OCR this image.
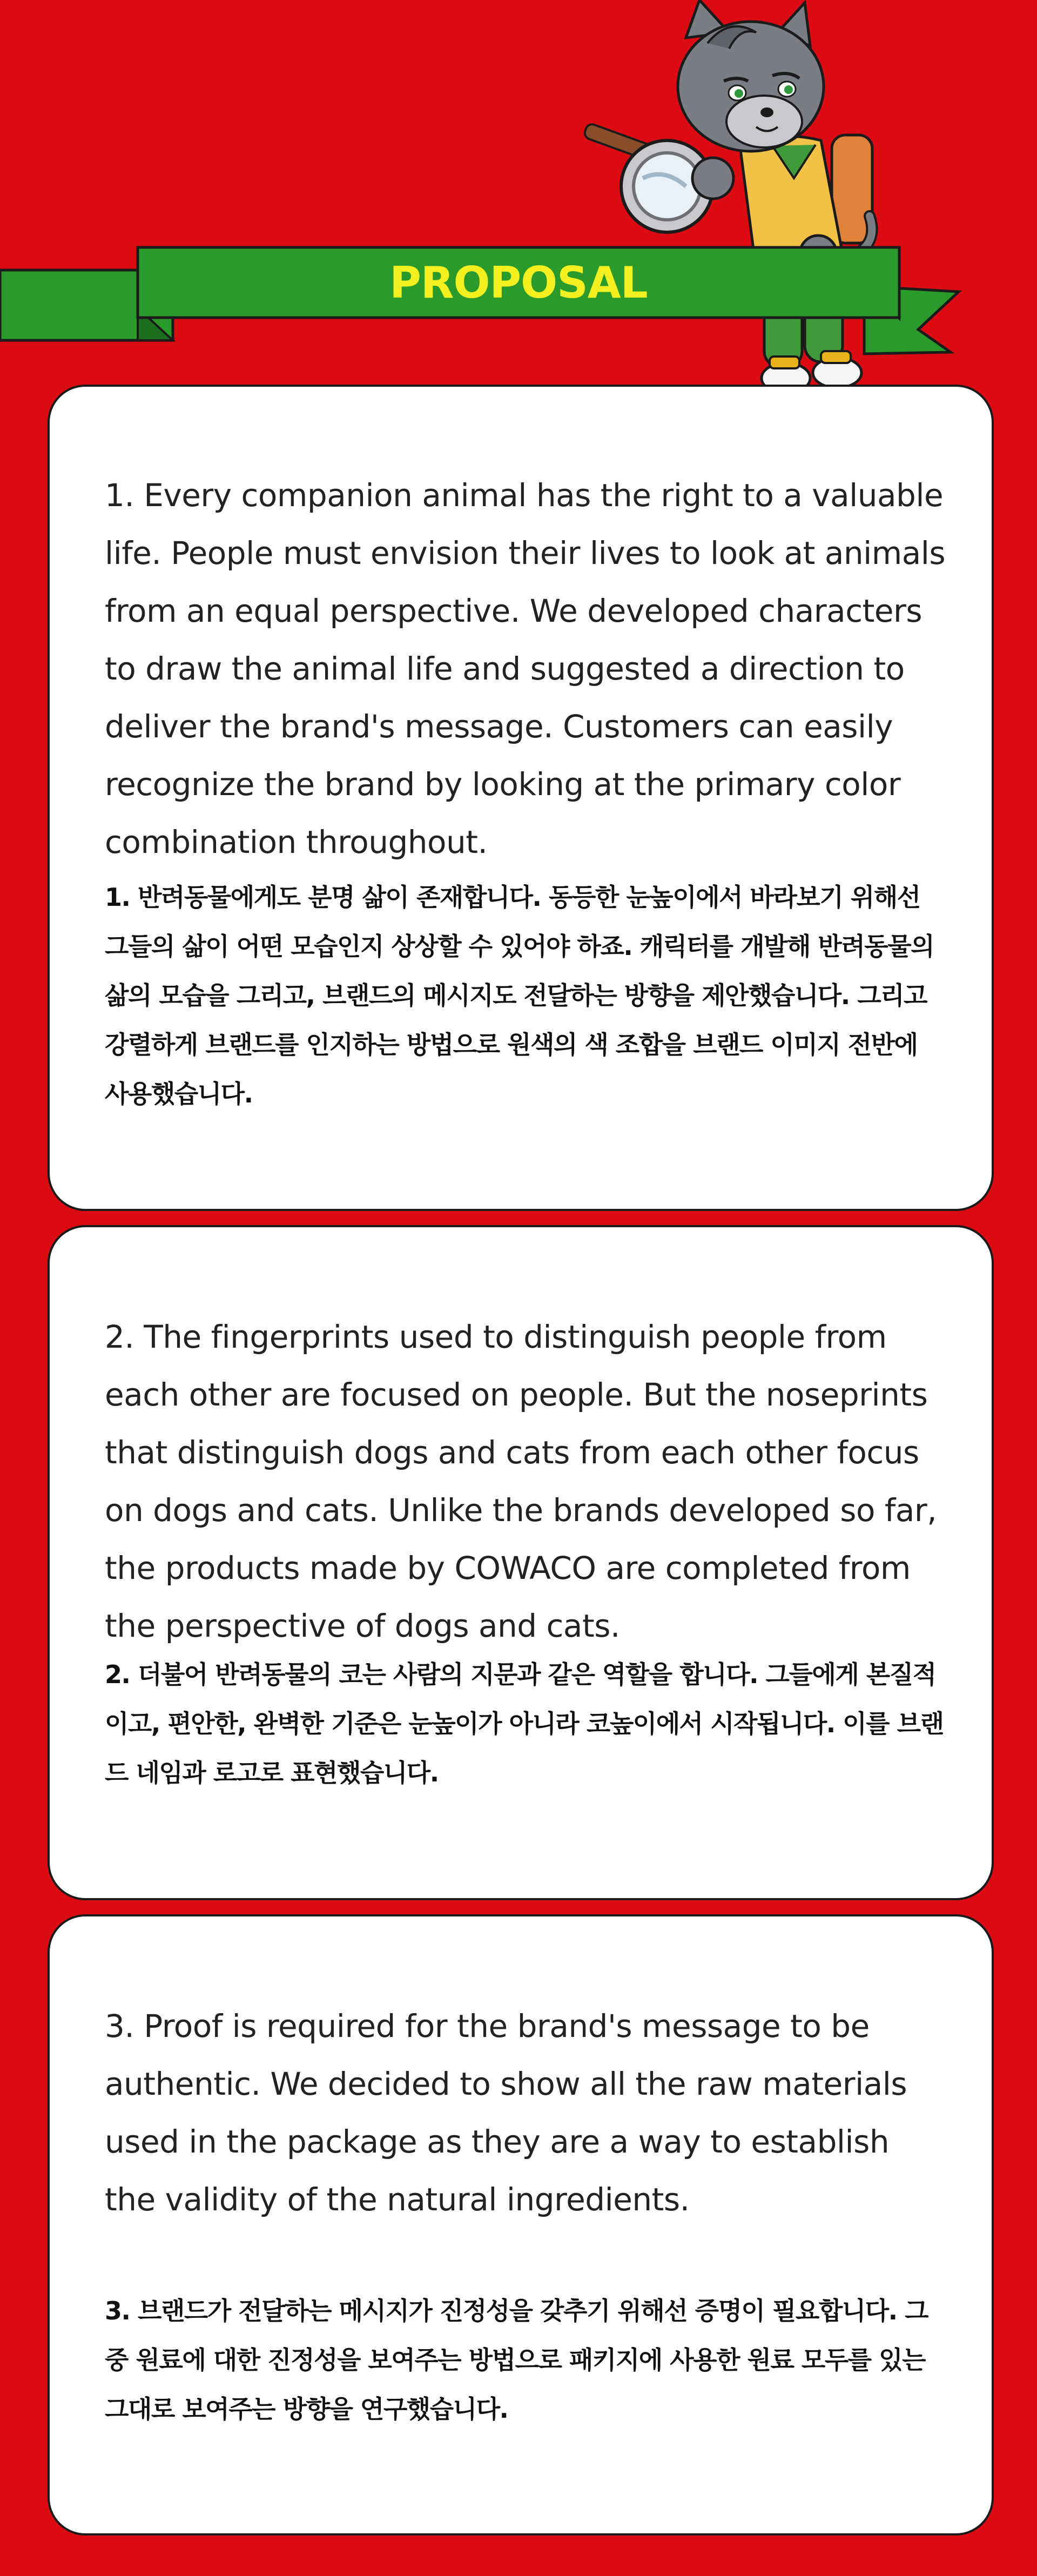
PROPOSAL
1. Every companion animal has the right to a valuable life. People must envision their lives to look at animals from an equal perspective. We developed characters to draw the animal life and suggested a direction to deliver the brand's message. Customers can easily recognize the brand by looking at the primary color combination throughout.
1. 반려동물에게도 분명 삶이 존재합니다. 동등한 눈높이에서 바라보기 위해선 그들의 삶이 어떤 모습인지 상상할 수 있어야 하죠. 캐릭터를 개발해 반려동물의 삶의 모습을 그리고, 브랜드의 메시지도 전달하는 방향을 제안했습니다. 그리고 강렬하게 브랜드를 인지하는 방법으로 원색의 색 조합을 브랜드 이미지 전반에 사용했습니다.
2. The fingerprints used to distinguish people from each other are focused on people. But the noseprints that distinguish dogs and cats from each other focus on dogs and cats. Unlike the brands developed so far, the products made by COWACO are completed from the perspective of dogs and cats.
2. 더불어 반려동물의 코는 사람의 지문과 같은 역할을 합니다. 그들에게 본질적이고, 편안한, 완벽한 기준은 눈높이가 아니라 코높이에서 시작됩니다. 이를 브랜드 네임과 로고로 표현했습니다.
3. Proof is required for the brand's message to be authentic. We decided to show all the raw materials used in the package as they are a way to establish the validity of the natural ingredients.
3. 브랜드가 전달하는 메시지가 진정성을 갖추기 위해선 증명이 필요합니다. 그 중 원료에 대한 진정성을 보여주는 방법으로 패키지에 사용한 원료 모두를 있는 그대로 보여주는 방향을 연구했습니다.
